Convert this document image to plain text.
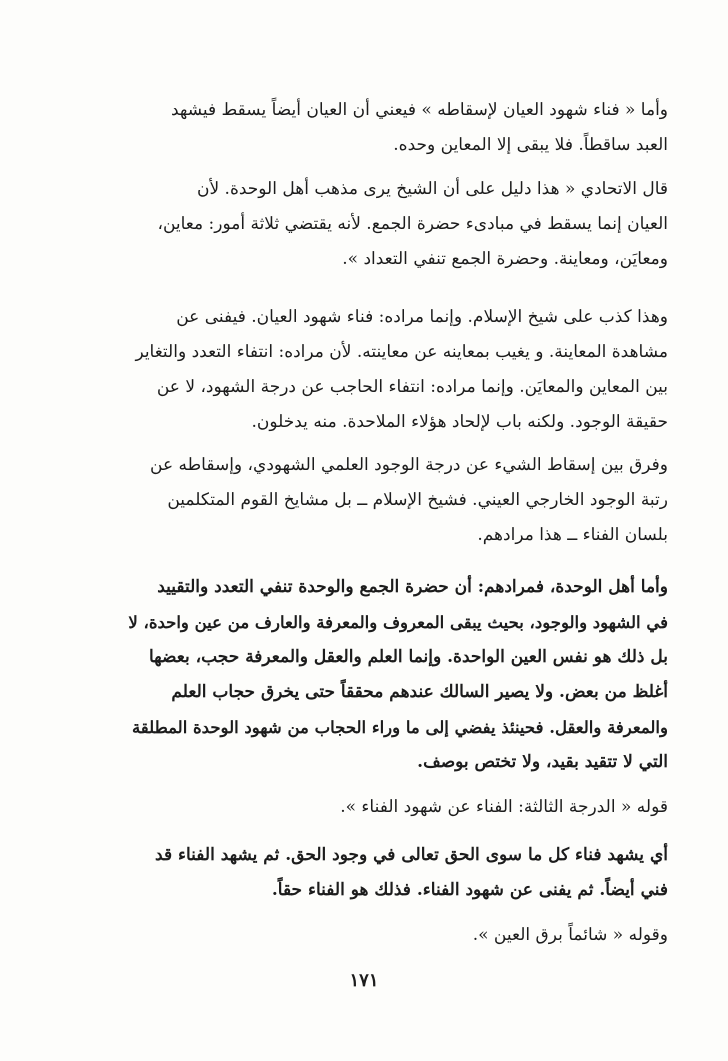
وأما « فناء شهود العيان لإسقاطه » فيعني أن العيان أيضاً يسقط فيشهد
العبد ساقطاً. فلا يبقى إلا المعاين وحده.
قال الاتحادي « هذا دليل على أن الشيخ يرى مذهب أهل الوحدة. لأن
العيان إنما يسقط في مبادىء حضرة الجمع. لأنه يقتضي ثلاثة أمور: معاين،
ومعايَن، ومعاينة. وحضرة الجمع تنفي التعداد ».
وهذا كذب على شيخ الإسلام. وإنما مراده: فناء شهود العيان. فيفنى عن
مشاهدة المعاينة. و يغيب بمعاينه عن معاينته. لأن مراده: انتفاء التعدد والتغاير
بين المعاين والمعايَن. وإنما مراده: انتفاء الحاجب عن درجة الشهود، لا عن
حقيقة الوجود. ولكنه باب لإلحاد هؤلاء الملاحدة. منه يدخلون.
وفرق بين إسقاط الشيء عن درجة الوجود العلمي الشهودي، وإسقاطه عن
رتبة الوجود الخارجي العيني. فشيخ الإسلام ــ بل مشايخ القوم المتكلمين
بلسان الفناء ــ هذا مرادهم.
وأما أهل الوحدة، فمرادهم: أن حضرة الجمع والوحدة تنفي التعدد والتقييد
في الشهود والوجود، بحيث يبقى المعروف والمعرفة والعارف من عين واحدة، لا
بل ذلك هو نفس العين الواحدة. وإنما العلم والعقل والمعرفة حجب، بعضها
أغلظ من بعض. ولا يصير السالك عندهم محققاً حتى يخرق حجاب العلم
والمعرفة والعقل. فحينئذ يفضي إلى ما وراء الحجاب من شهود الوحدة المطلقة
التي لا تتقيد بقيد، ولا تختص بوصف.
قوله « الدرجة الثالثة: الفناء عن شهود الفناء ».
أي يشهد فناء كل ما سوى الحق تعالى في وجود الحق. ثم يشهد الفناء قد
فني أيضاً. ثم يفنى عن شهود الفناء. فذلك هو الفناء حقاً.
وقوله « شائماً برق العين ».
١٧١
